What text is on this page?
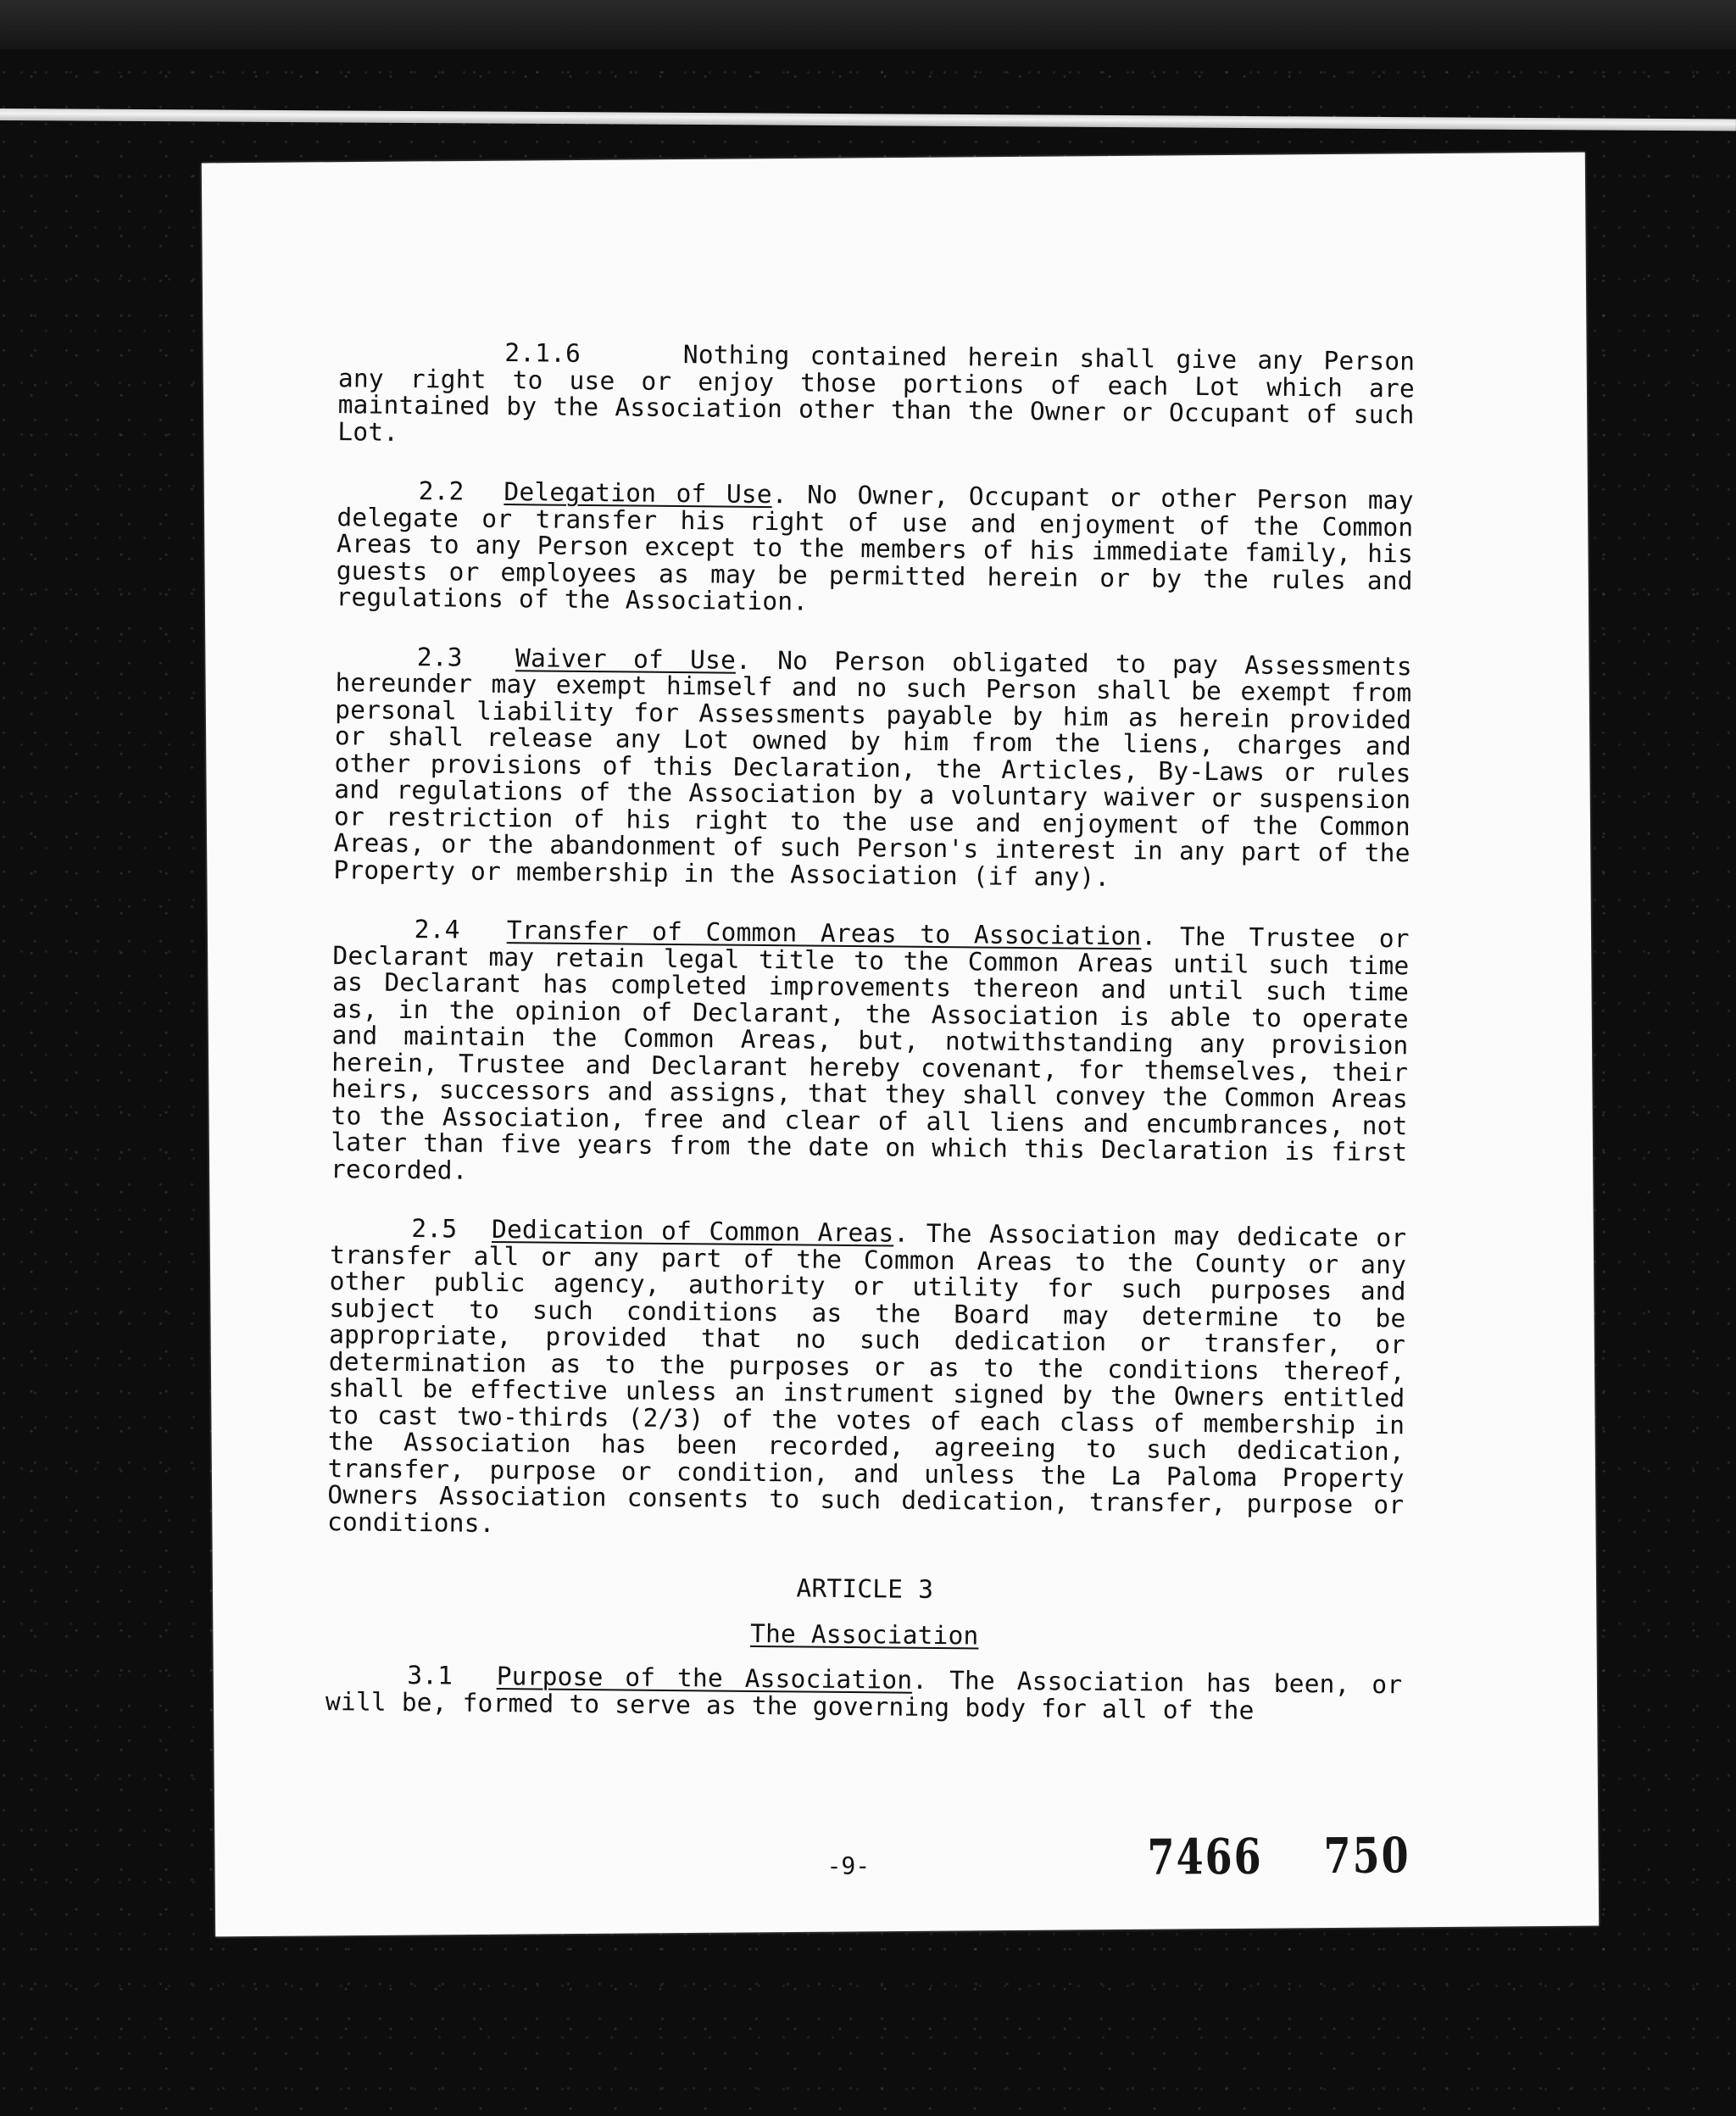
2.1.6	Nothing contained herein shall give any Person any right to use or enjoy those portions of each Lot which are maintained by the Association other than the Owner or Occupant of such Lot.

2.2 Delegation of Use. No Owner, Occupant or other Person may delegate or transfer his right of use and enjoyment of the Common Areas to any Person except to the members of his immediate family, his guests or employees as may be permitted herein or by the rules and regulations of the Association.

2.3 Waiver of Use. No Person obligated to pay Assessments hereunder may exempt himself and no such Person shall be exempt from personal liability for Assessments payable by him as herein provided or shall release any Lot owned by him from the liens, charges and other provisions of this Declaration, the Articles, By-Laws or rules and regulations of the Association by a voluntary waiver or suspension or restriction of his right to the use and enjoyment of the Common Areas, or the abandonment of such Person's interest in any part of the Property or membership in the Association (if any).

2.4 Transfer of Common Areas to Association. The Trustee or Declarant may retain legal title to the Common Areas until such time as Declarant has completed improvements thereon and until such time as, in the opinion of Declarant, the Association is able to operate and maintain the Common Areas, but, notwithstanding any provision herein, Trustee and Declarant hereby covenant, for themselves, their heirs, successors and assigns, that they shall convey the Common Areas to the Association, free and clear of all liens and encumbrances, not later than five years from the date on which this Declaration is first recorded.

2.5 Dedication of Common Areas. The Association may dedicate or transfer all or any part of the Common Areas to the County or any other public agency, authority or utility for such purposes and subject to such conditions as the Board may determine to be appropriate, provided that no such dedication or transfer, or determination as to the purposes or as to the conditions thereof, shall be effective unless an instrument signed by the Owners entitled to cast two-thirds (2/3) of the votes of each class of membership in the Association has been recorded, agreeing to such dedication, transfer, purpose or condition, and unless the La Paloma Property Owners Association consents to such dedication, transfer, purpose or conditions.

ARTICLE 3

The Association

3.1 Purpose of the Association. The Association has been, or will be, formed to serve as the governing body for all of the

-9-	7466 750
